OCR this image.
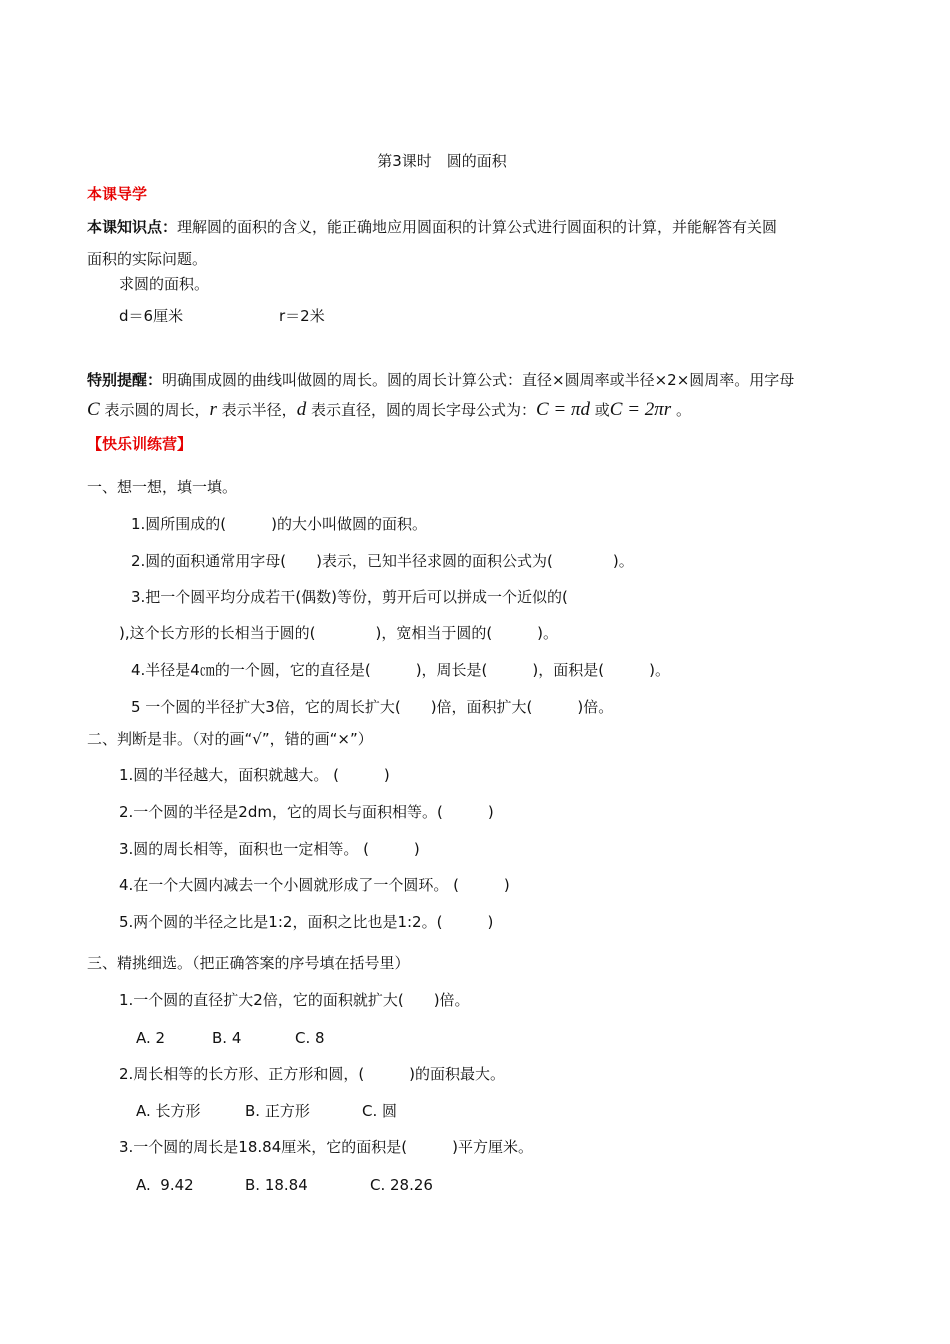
第3课时　圆的面积
本课导学
本课知识点：理解圆的面积的含义，能正确地应用圆面积的计算公式进行圆面积的计算，并能解答有关圆
面积的实际问题。
求圆的面积。
d＝6厘米	r＝2米
特别提醒：明确围成圆的曲线叫做圆的周长。圆的周长计算公式：直径×圆周率或半径×2×圆周率。用字母
C 表示圆的周长，r 表示半径，d 表示直径，圆的周长字母公式为：C = πd 或C = 2πr 。
【快乐训练营】
一、想一想，填一填。
1.圆所围成的(　　　)的大小叫做圆的面积。
2.圆的面积通常用字母(　　)表示，已知半径求圆的面积公式为(　　　　)。
3.把一个圆平均分成若干(偶数)等份，剪开后可以拼成一个近似的(
),这个长方形的长相当于圆的(　　　　)，宽相当于圆的(　　　)。
4.半径是4㎝的一个圆，它的直径是(　　　)，周长是(　　　)，面积是(　　　)。
5 一个圆的半径扩大3倍，它的周长扩大(　　)倍，面积扩大(　　　)倍。
二、判断是非。（对的画“√”，错的画“×”）
1.圆的半径越大，面积就越大。 (　　　)
2.一个圆的半径是2dm，它的周长与面积相等。(　　　)
3.圆的周长相等，面积也一定相等。 (　　　)
4.在一个大圆内减去一个小圆就形成了一个圆环。 (　　　)
5.两个圆的半径之比是1:2，面积之比也是1:2。(　　　)
三、精挑细选。（把正确答案的序号填在括号里）
1.一个圆的直径扩大2倍，它的面积就扩大(　　)倍。
A. 2	B. 4	C. 8
2.周长相等的长方形、正方形和圆，(　　　)的面积最大。
A. 长方形	B. 正方形	C. 圆
3.一个圆的周长是18.84厘米，它的面积是(　　　)平方厘米。
A.  9.42	B. 18.84	C. 28.26
